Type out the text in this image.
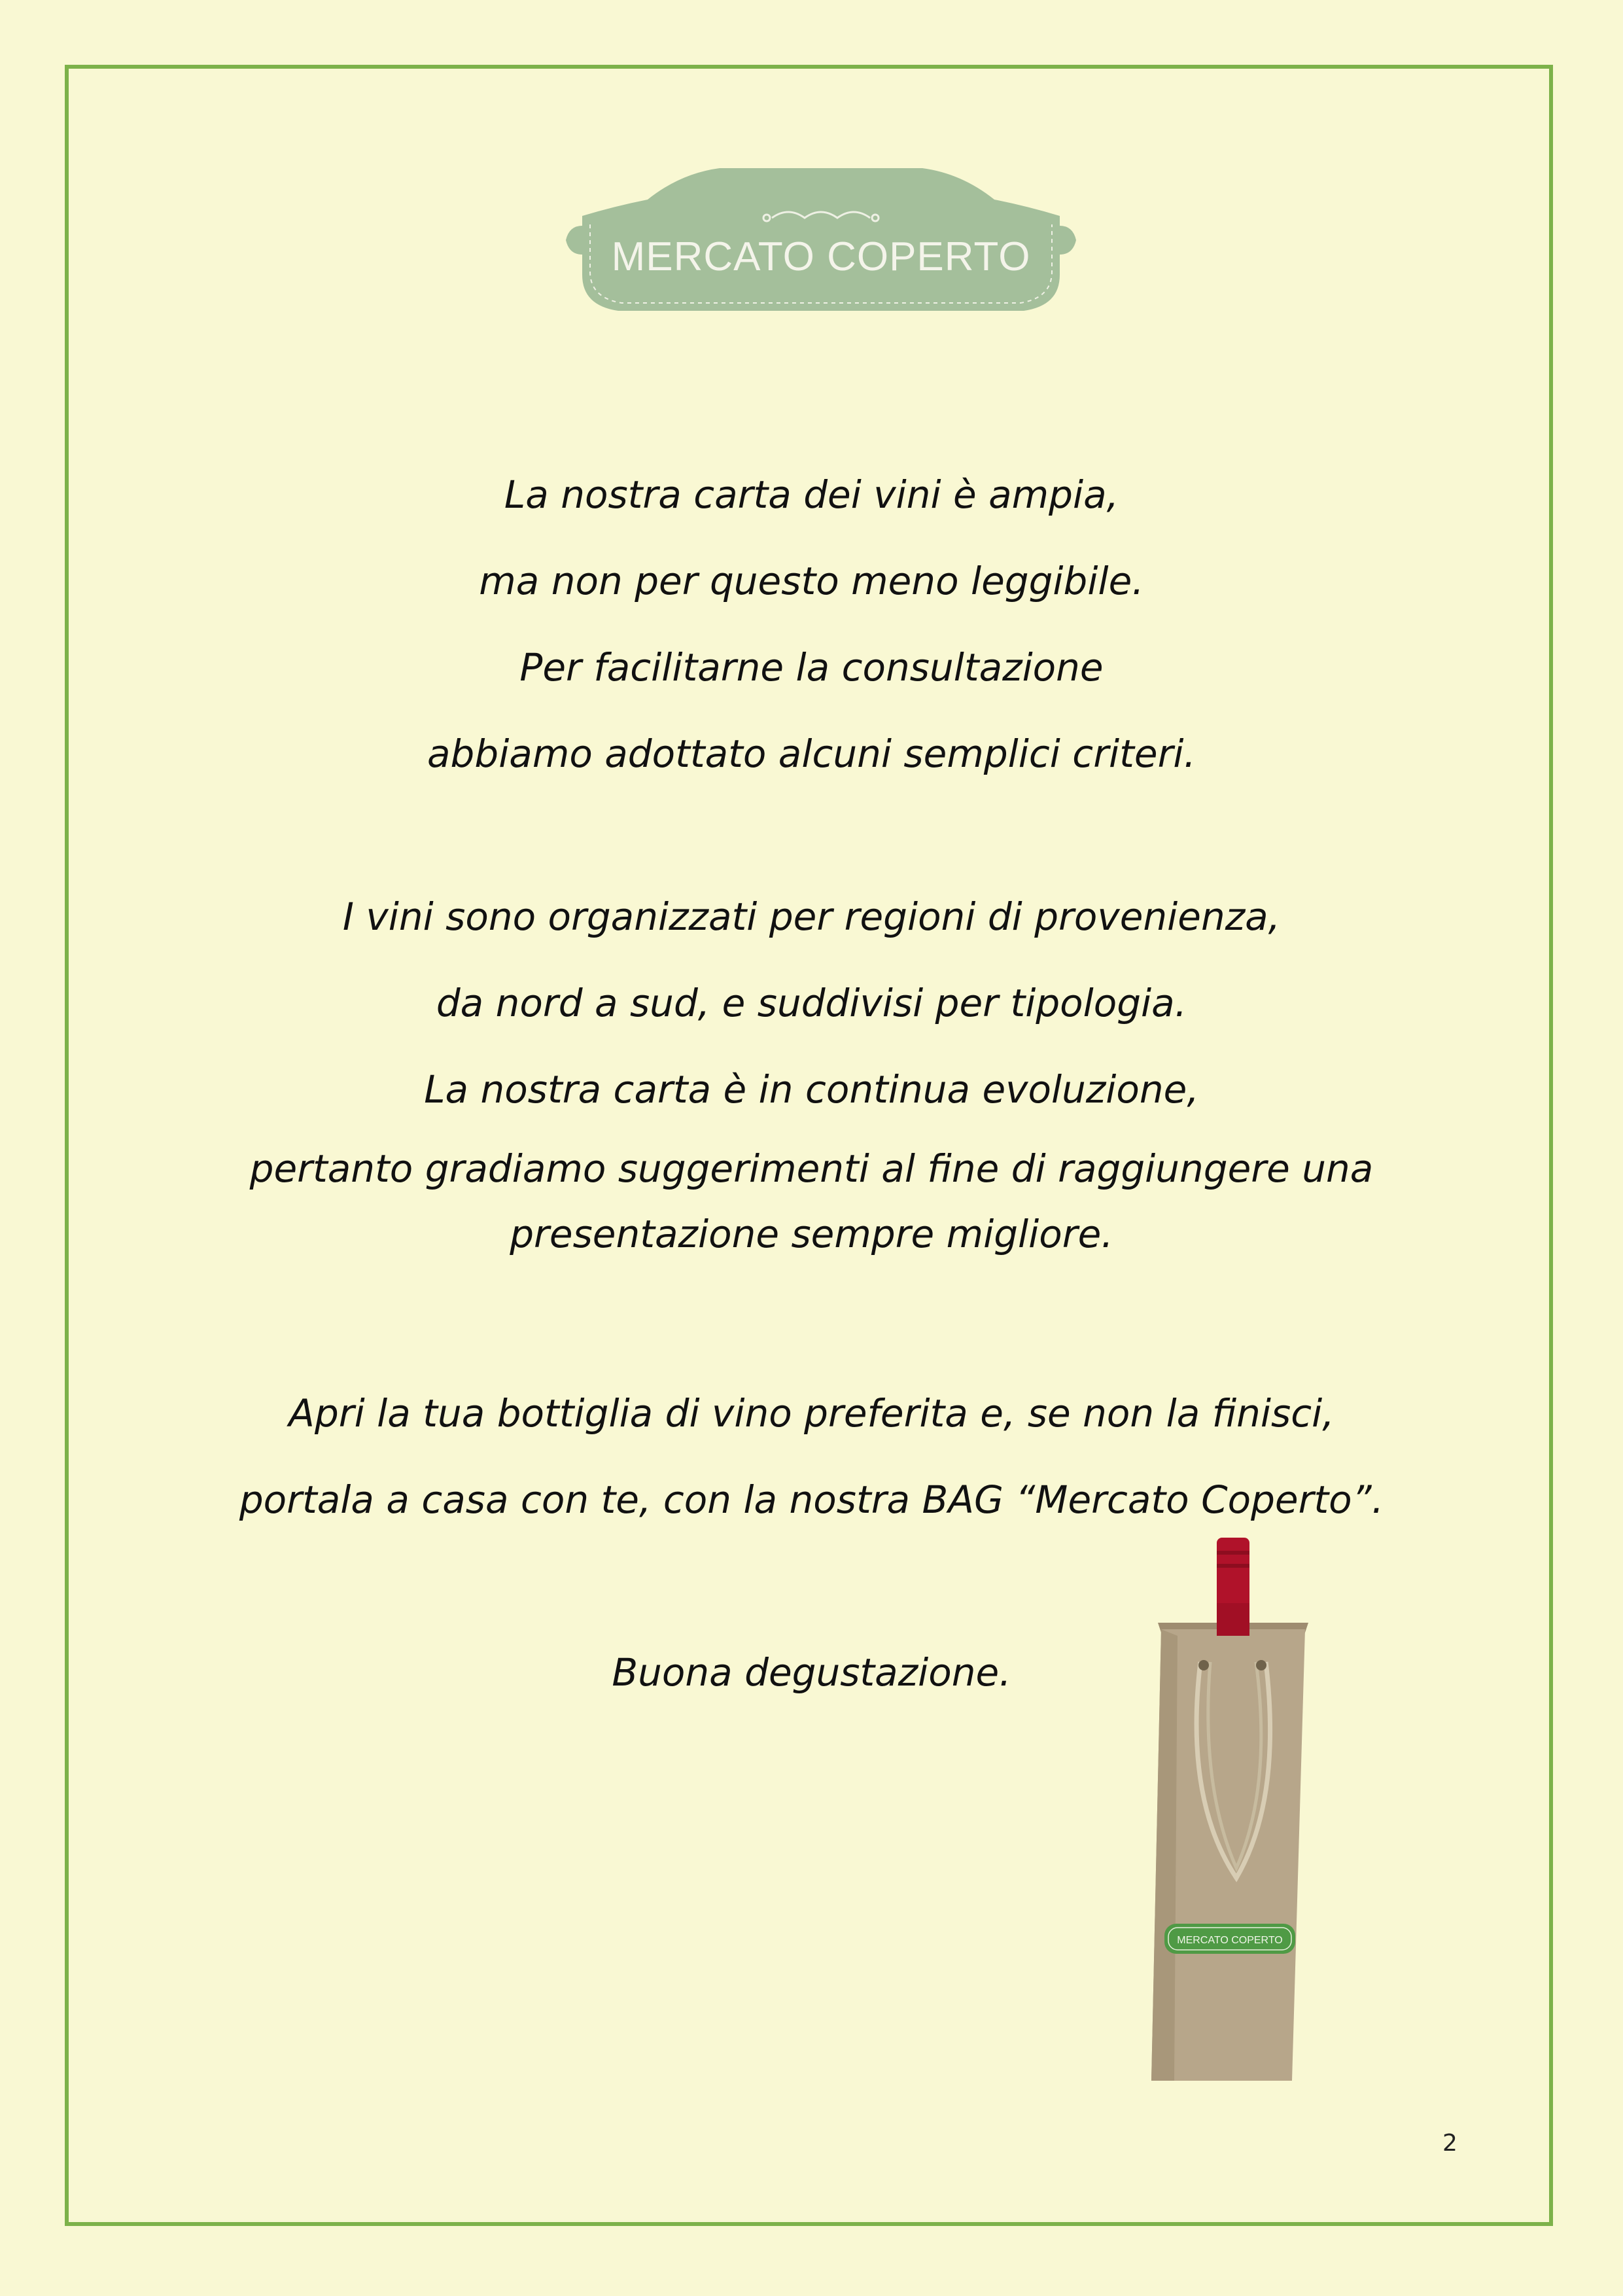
MERCATO COPERTO
La nostra carta dei vini è ampia,
ma non per questo meno leggibile.
Per facilitarne la consultazione
abbiamo adottato alcuni semplici criteri.
I vini sono organizzati per regioni di provenienza,
da nord a sud, e suddivisi per tipologia.
La nostra carta è in continua evoluzione,
pertanto gradiamo suggerimenti al fine di raggiungere una
presentazione sempre migliore.
Apri la tua bottiglia di vino preferita e, se non la finisci,
portala a casa con te, con la nostra BAG “Mercato Coperto”.
Buona degustazione.
MERCATO COPERTO
2
